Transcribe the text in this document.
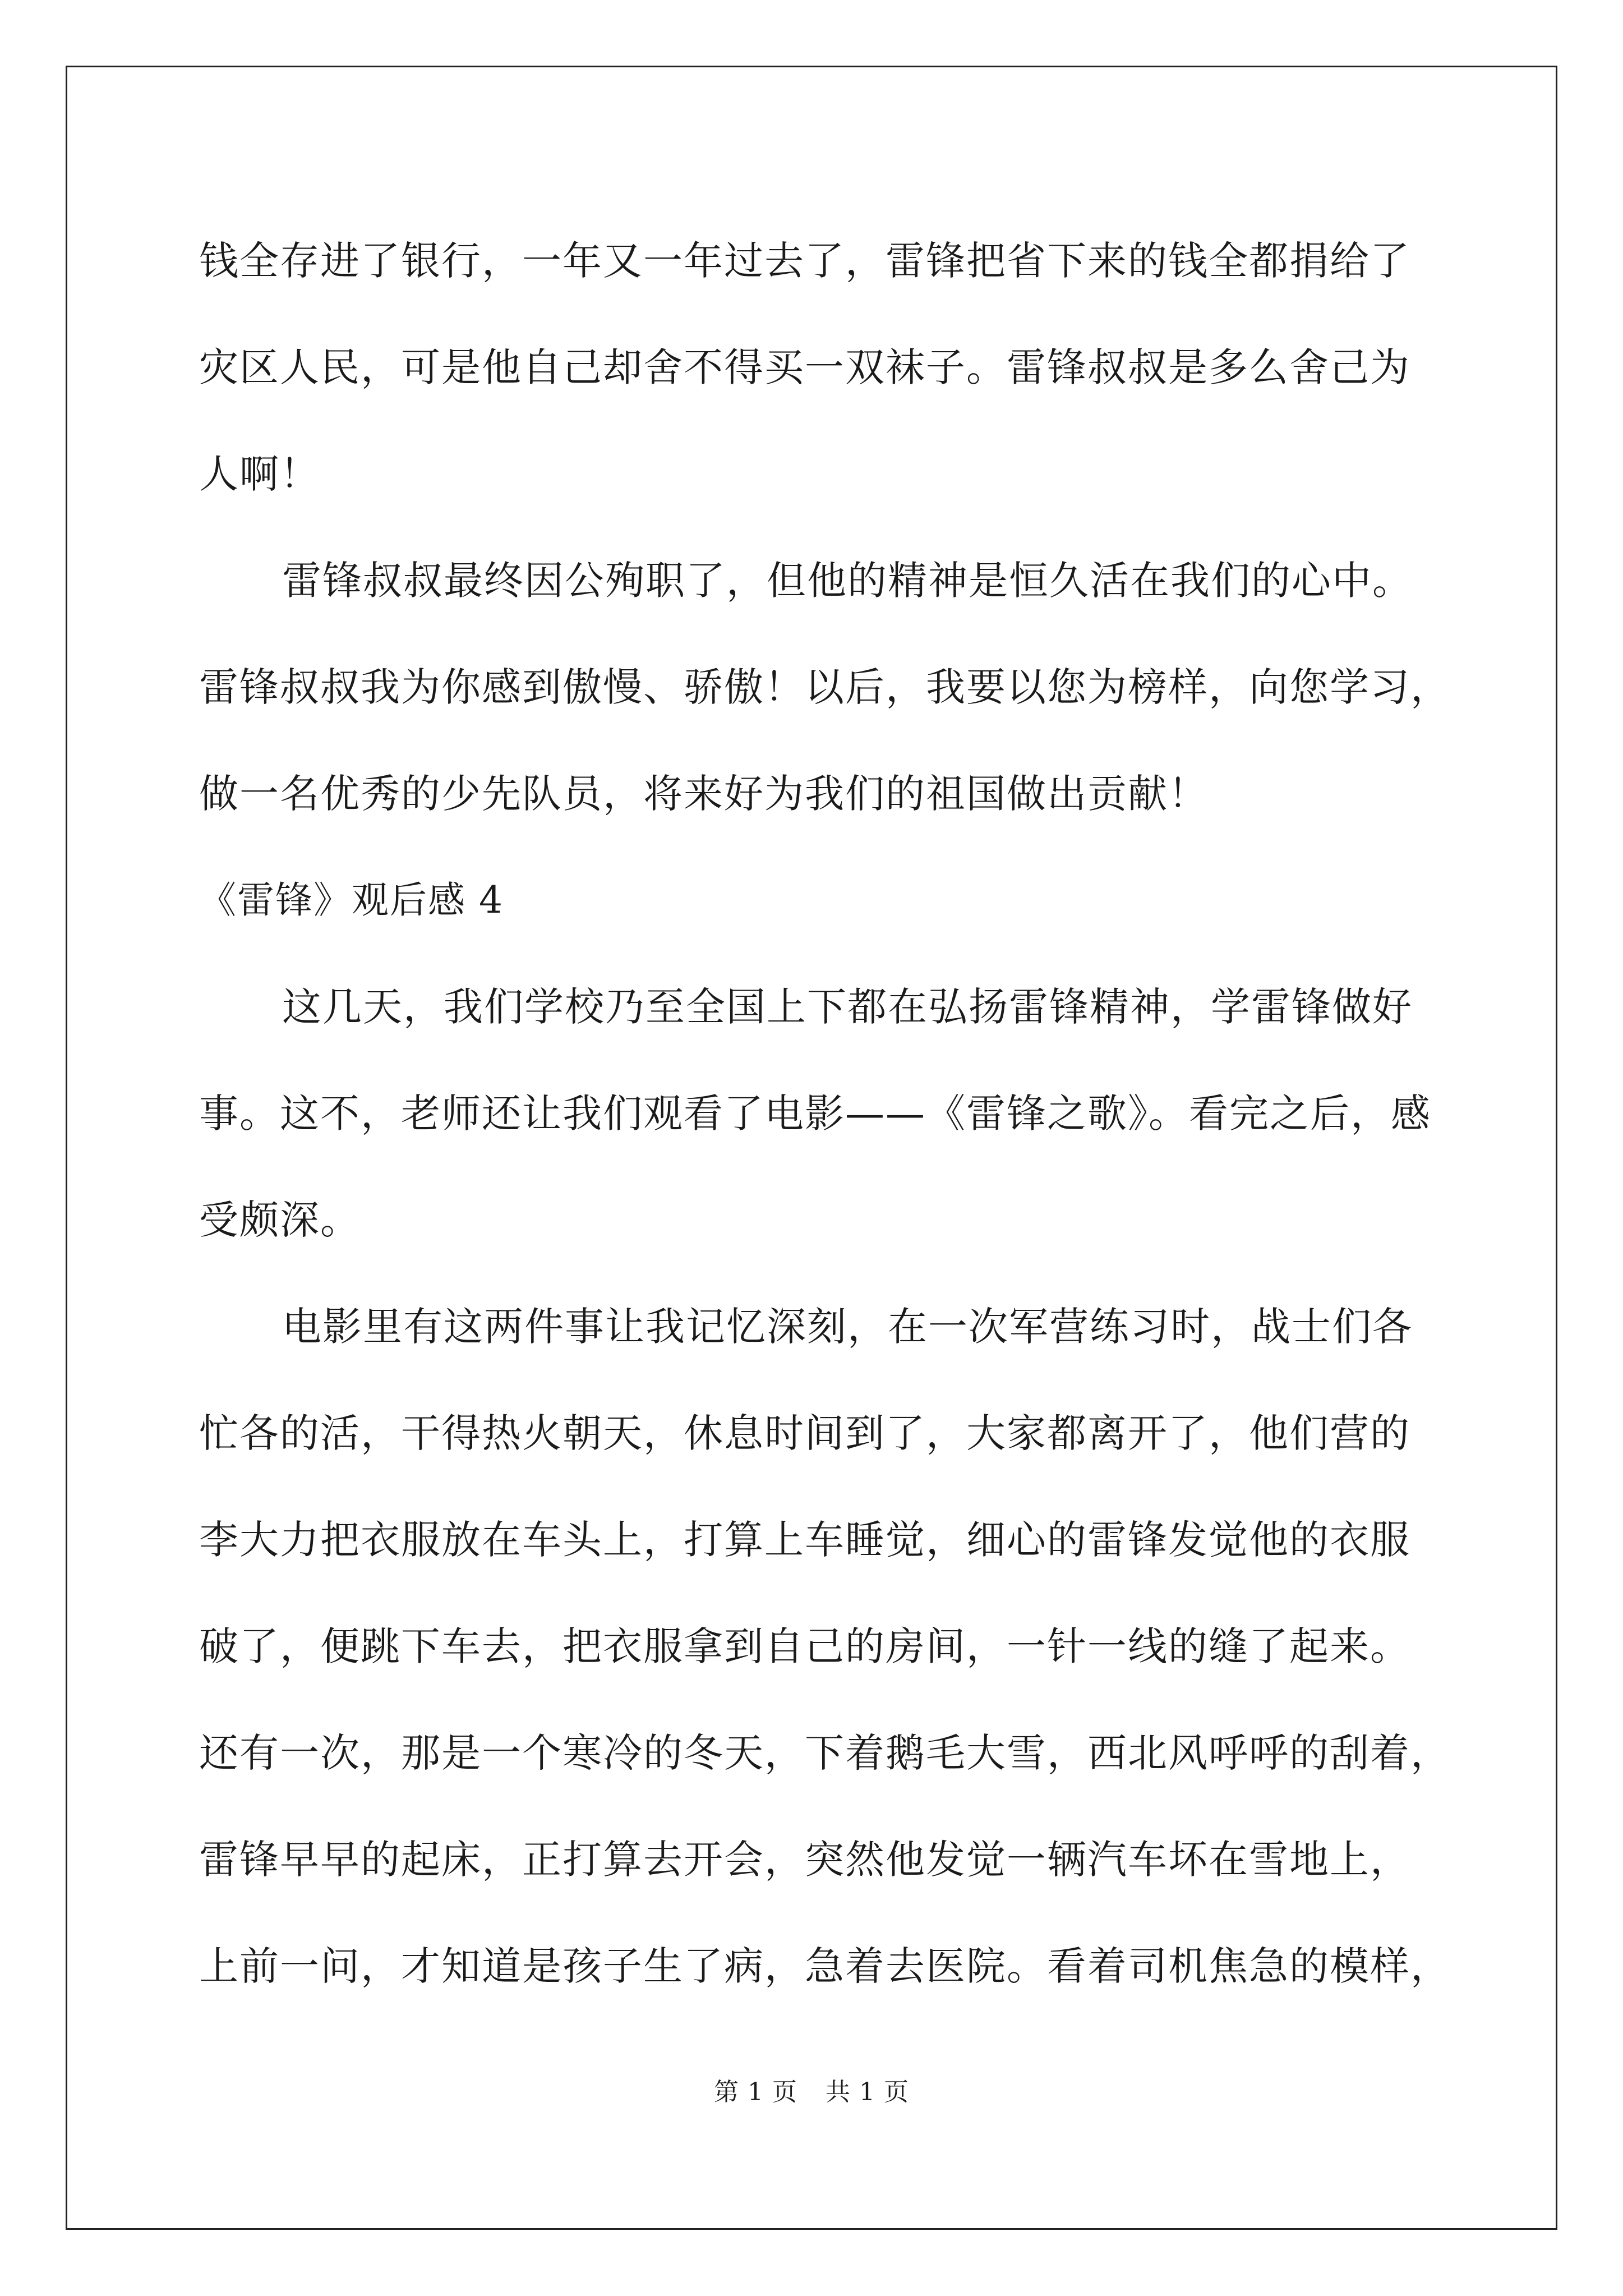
钱全存进了银行，一年又一年过去了，雷锋把省下来的钱全都捐给了
灾区人民，可是他自己却舍不得买一双袜子。雷锋叔叔是多么舍己为
人啊！
雷锋叔叔最终因公殉职了，但他的精神是恒久活在我们的心中。
雷锋叔叔我为你感到傲慢、骄傲！以后，我要以您为榜样，向您学习，
做一名优秀的少先队员，将来好为我们的祖国做出贡献！
《雷锋》观后感 4
这几天，我们学校乃至全国上下都在弘扬雷锋精神，学雷锋做好
事。这不，老师还让我们观看了电影——《雷锋之歌》。看完之后，感
受颇深。
电影里有这两件事让我记忆深刻，在一次军营练习时，战士们各
忙各的活，干得热火朝天，休息时间到了，大家都离开了，他们营的
李大力把衣服放在车头上，打算上车睡觉，细心的雷锋发觉他的衣服
破了，便跳下车去，把衣服拿到自己的房间，一针一线的缝了起来。
还有一次，那是一个寒冷的冬天，下着鹅毛大雪，西北风呼呼的刮着，
雷锋早早的起床，正打算去开会，突然他发觉一辆汽车坏在雪地上，
上前一问，才知道是孩子生了病，急着去医院。看着司机焦急的模样，
第 1 页 共 1 页
